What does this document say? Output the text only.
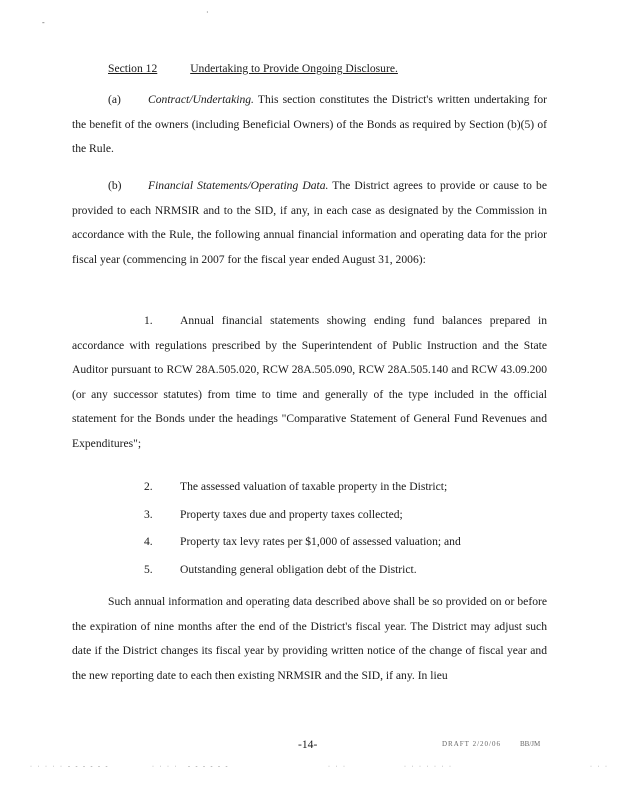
·
-
Section 12	Undertaking to Provide Ongoing Disclosure.
(a) Contract/Undertaking. This section constitutes the District's written undertaking for the benefit of the owners (including Beneficial Owners) of the Bonds as required by Section (b)(5) of the Rule.
(b) Financial Statements/Operating Data. The District agrees to provide or cause to be provided to each NRMSIR and to the SID, if any, in each case as designated by the Commission in accordance with the Rule, the following annual financial information and operating data for the prior fiscal year (commencing in 2007 for the fiscal year ended August 31, 2006):
1. Annual financial statements showing ending fund balances prepared in accordance with regulations prescribed by the Superintendent of Public Instruction and the State Auditor pursuant to RCW 28A.505.020, RCW 28A.505.090, RCW 28A.505.140 and RCW 43.09.200 (or any successor statutes) from time to time and generally of the type included in the official statement for the Bonds under the headings "Comparative Statement of General Fund Revenues and Expenditures";
2. The assessed valuation of taxable property in the District;
3. Property taxes due and property taxes collected;
4. Property tax levy rates per $1,000 of assessed valuation; and
5. Outstanding general obligation debt of the District.
Such annual information and operating data described above shall be so provided on or before the expiration of nine months after the end of the District's fiscal year. The District may adjust such date if the District changes its fiscal year by providing written notice of the change of fiscal year and the new reporting date to each then existing NRMSIR and the SID, if any. In lieu
-14-	DRAFT 2/20/06	BB/JM
· · · · · - - - - - -	· · · · - - - - - -	· · ·	· · · · · · ·	· · ·
